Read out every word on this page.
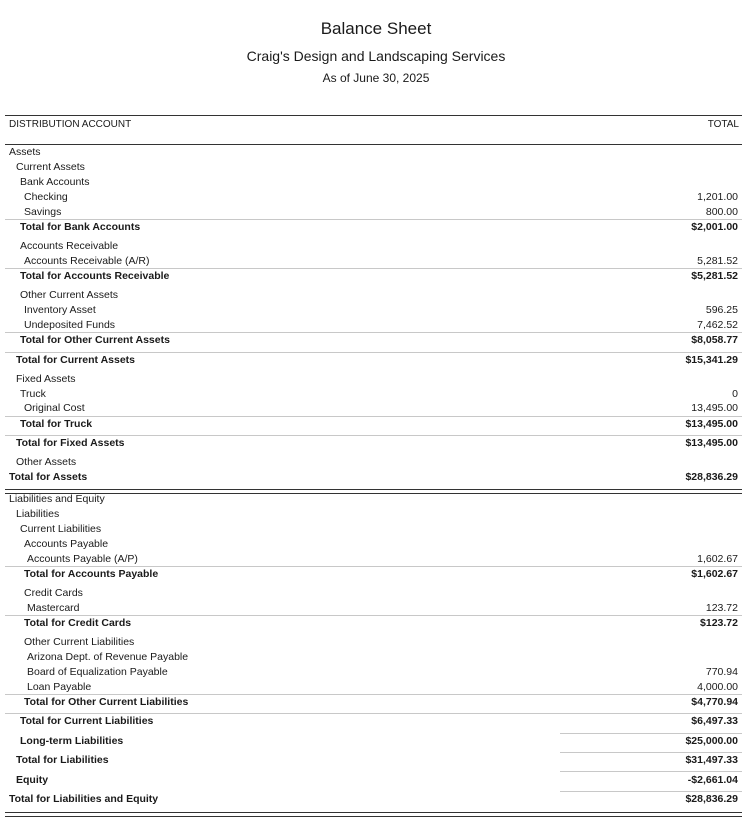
Balance Sheet
Craig's Design and Landscaping Services
As of June 30, 2025
DISTRIBUTION ACCOUNT	TOTAL
Assets
Current Assets
Bank Accounts
Checking	1,201.00
Savings	800.00
Total for Bank Accounts	$2,001.00
Accounts Receivable
Accounts Receivable (A/R)	5,281.52
Total for Accounts Receivable	$5,281.52
Other Current Assets
Inventory Asset	596.25
Undeposited Funds	7,462.52
Total for Other Current Assets	$8,058.77
Total for Current Assets	$15,341.29
Fixed Assets
Truck	0
Original Cost	13,495.00
Total for Truck	$13,495.00
Total for Fixed Assets	$13,495.00
Other Assets
Total for Assets	$28,836.29
Liabilities and Equity
Liabilities
Current Liabilities
Accounts Payable
Accounts Payable (A/P)	1,602.67
Total for Accounts Payable	$1,602.67
Credit Cards
Mastercard	123.72
Total for Credit Cards	$123.72
Other Current Liabilities
Arizona Dept. of Revenue Payable
Board of Equalization Payable	770.94
Loan Payable	4,000.00
Total for Other Current Liabilities	$4,770.94
Total for Current Liabilities	$6,497.33
Long-term Liabilities	$25,000.00
Total for Liabilities	$31,497.33
Equity	-$2,661.04
Total for Liabilities and Equity	$28,836.29
